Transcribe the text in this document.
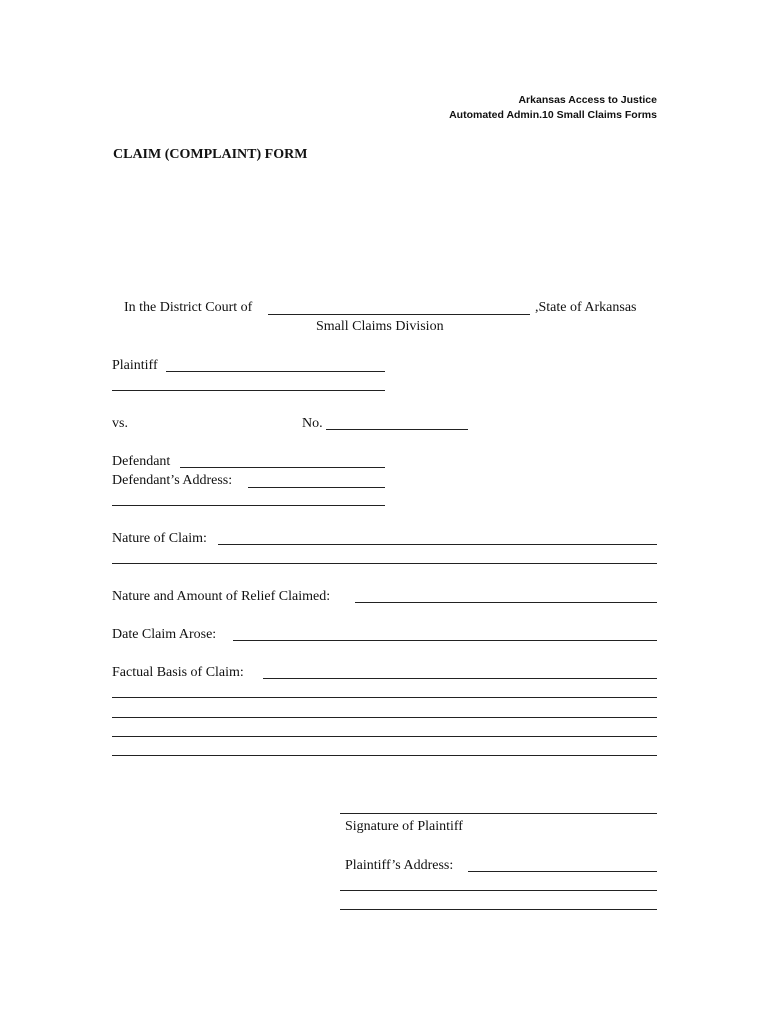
Arkansas Access to Justice
Automated Admin.10 Small Claims Forms
CLAIM (COMPLAINT) FORM
In the District Court of	,State of Arkansas
Small Claims Division
Plaintiff
vs.	No.
Defendant
Defendant’s Address:
Nature of Claim:
Nature and Amount of Relief Claimed:
Date Claim Arose:
Factual Basis of Claim:
Signature of Plaintiff
Plaintiff’s Address:
